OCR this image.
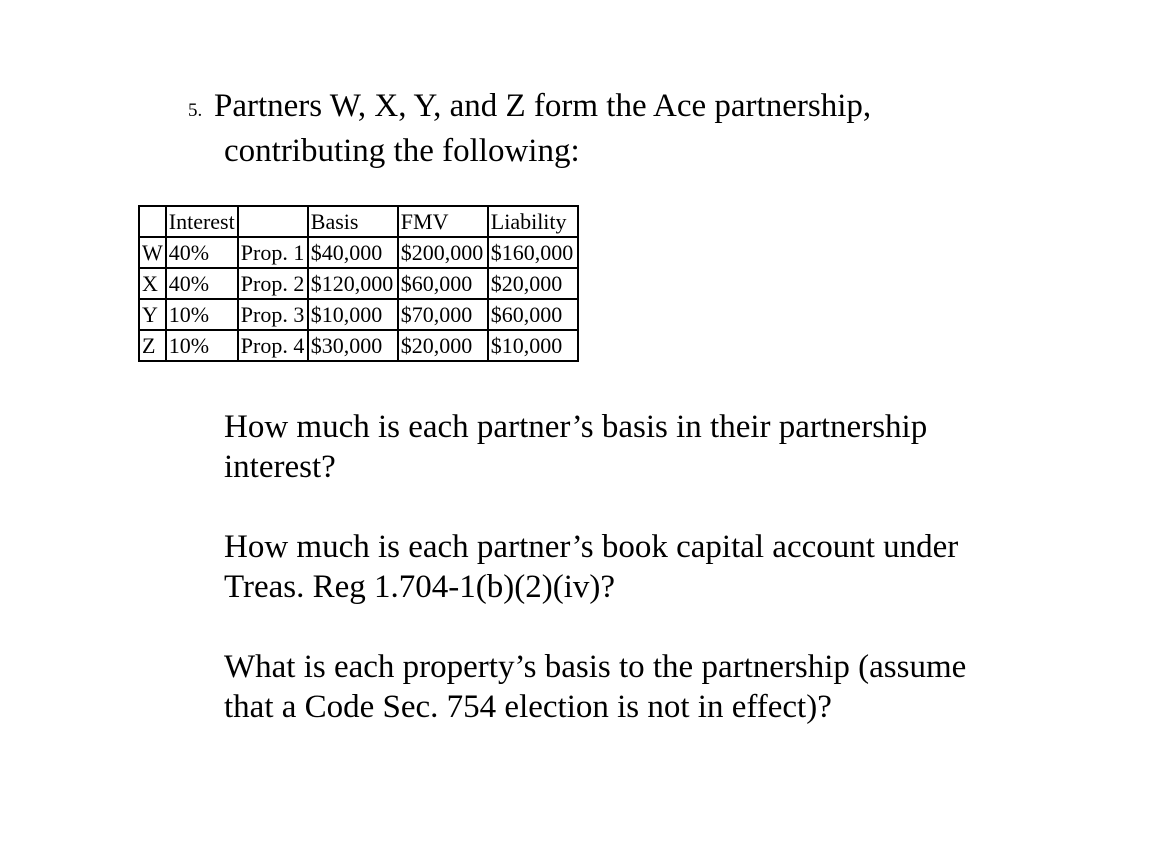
5. Partners W, X, Y, and Z form the Ace partnership,
contributing the following:
	Interest		Basis	FMV	Liability
W	40%	Prop. 1	$40,000	$200,000	$160,000
X	40%	Prop. 2	$120,000	$60,000	$20,000
Y	10%	Prop. 3	$10,000	$70,000	$60,000
Z	10%	Prop. 4	$30,000	$20,000	$10,000
How much is each partner’s basis in their partnership
interest?
How much is each partner’s book capital account under
Treas. Reg 1.704-1(b)(2)(iv)?
What is each property’s basis to the partnership (assume
that a Code Sec. 754 election is not in effect)?
